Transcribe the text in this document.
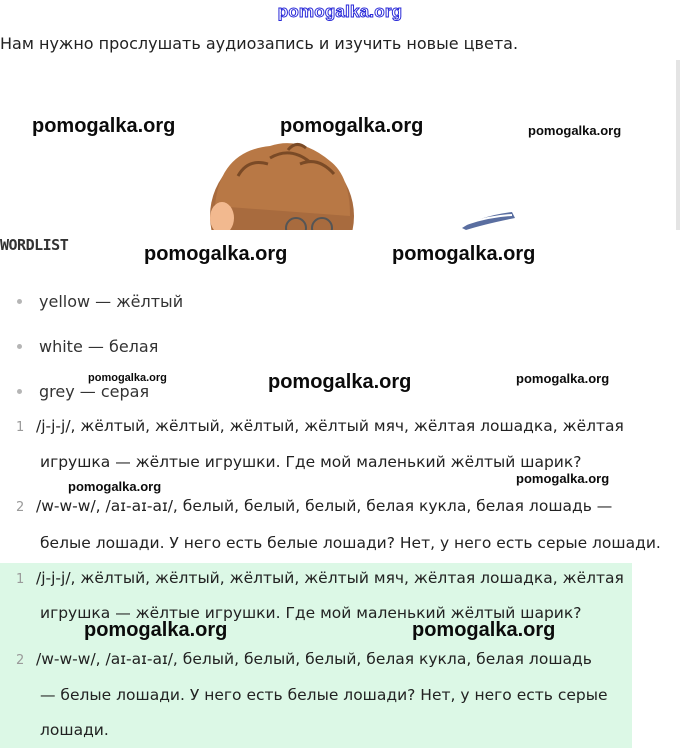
pomogalka.org
Нам нужно прослушать аудиозапись и изучить новые цвета.
WORDLIST
yellow — жёлтый
white — белая
grey — серая
1 /j-j-j/, жёлтый, жёлтый, жёлтый, жёлтый мяч, жёлтая лошадка, жёлтая
игрушка — жёлтые игрушки. Где мой маленький жёлтый шарик?
2 /w-w-w/, /aɪ-aɪ-aɪ/, белый, белый, белый, белая кукла, белая лошадь —
белые лошади. У него есть белые лошади? Нет, у него есть серые лошади.
1 /j-j-j/, жёлтый, жёлтый, жёлтый, жёлтый мяч, жёлтая лошадка, жёлтая
игрушка — жёлтые игрушки. Где мой маленький жёлтый шарик?
2 /w-w-w/, /aɪ-aɪ-aɪ/, белый, белый, белый, белая кукла, белая лошадь
— белые лошади. У него есть белые лошади? Нет, у него есть серые
лошади.
pomogalka.org	pomogalka.org	pomogalka.org
pomogalka.org	pomogalka.org
pomogalka.org	pomogalka.org	pomogalka.org
pomogalka.org
pomogalka.org
pomogalka.org	pomogalka.org
